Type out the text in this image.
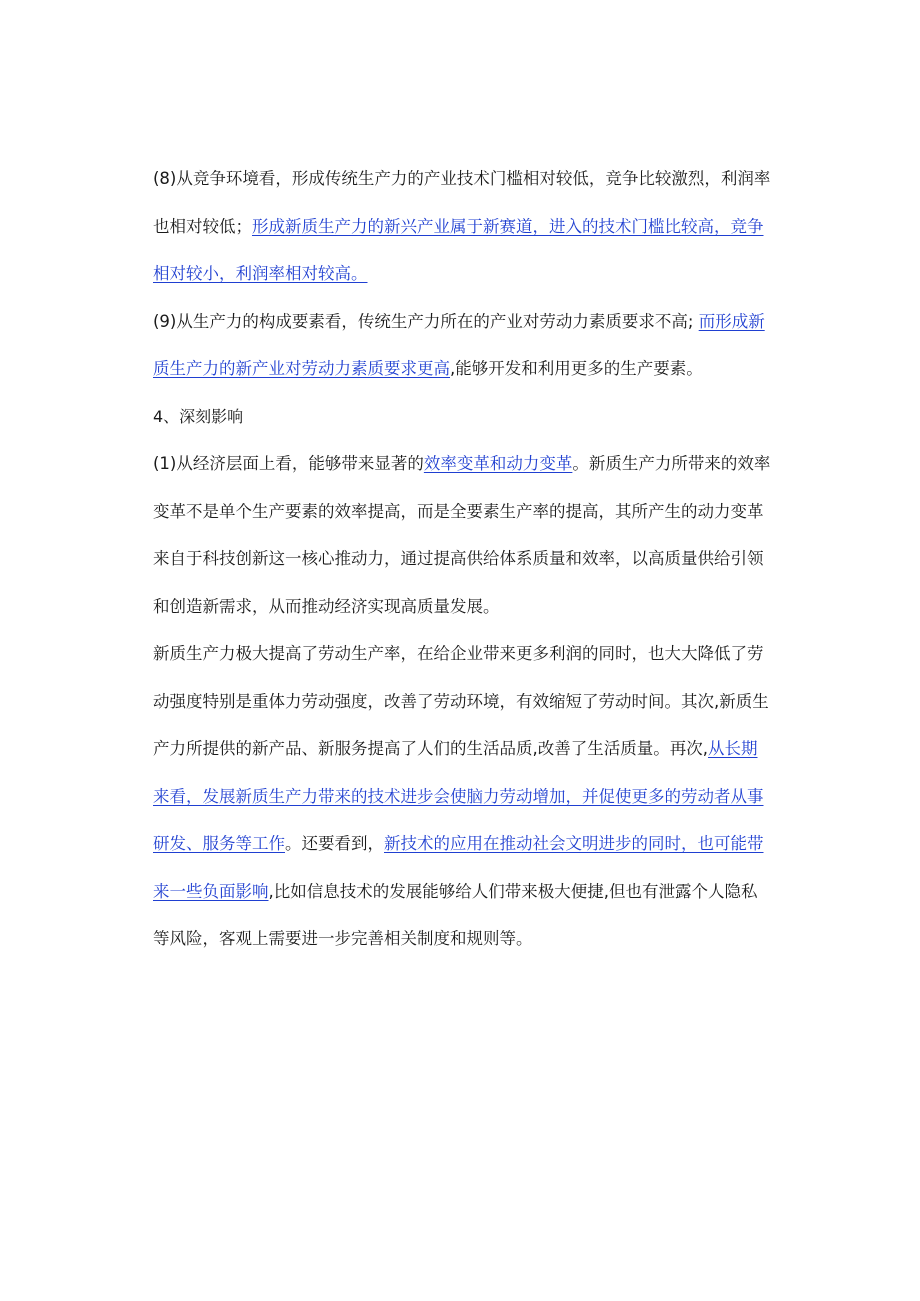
(8)从竞争环境看，形成传统生产力的产业技术门槛相对较低，竞争比较激烈，利润率也相对较低；形成新质生产力的新兴产业属于新赛道，进入的技术门槛比较高，竞争相对较小，利润率相对较高。

(9)从生产力的构成要素看，传统生产力所在的产业对劳动力素质要求不高; 而形成新质生产力的新产业对劳动力素质要求更高,能够开发和利用更多的生产要素。

4、深刻影响

(1)从经济层面上看，能够带来显著的效率变革和动力变革。新质生产力所带来的效率变革不是单个生产要素的效率提高，而是全要素生产率的提高，其所产生的动力变革来自于科技创新这一核心推动力，通过提高供给体系质量和效率，以高质量供给引领和创造新需求，从而推动经济实现高质量发展。

新质生产力极大提高了劳动生产率，在给企业带来更多利润的同时，也大大降低了劳动强度特别是重体力劳动强度，改善了劳动环境，有效缩短了劳动时间。其次,新质生产力所提供的新产品、新服务提高了人们的生活品质,改善了生活质量。再次,从长期来看，发展新质生产力带来的技术进步会使脑力劳动增加，并促使更多的劳动者从事研发、服务等工作。还要看到，新技术的应用在推动社会文明进步的同时，也可能带来一些负面影响,比如信息技术的发展能够给人们带来极大便捷,但也有泄露个人隐私等风险，客观上需要进一步完善相关制度和规则等。
